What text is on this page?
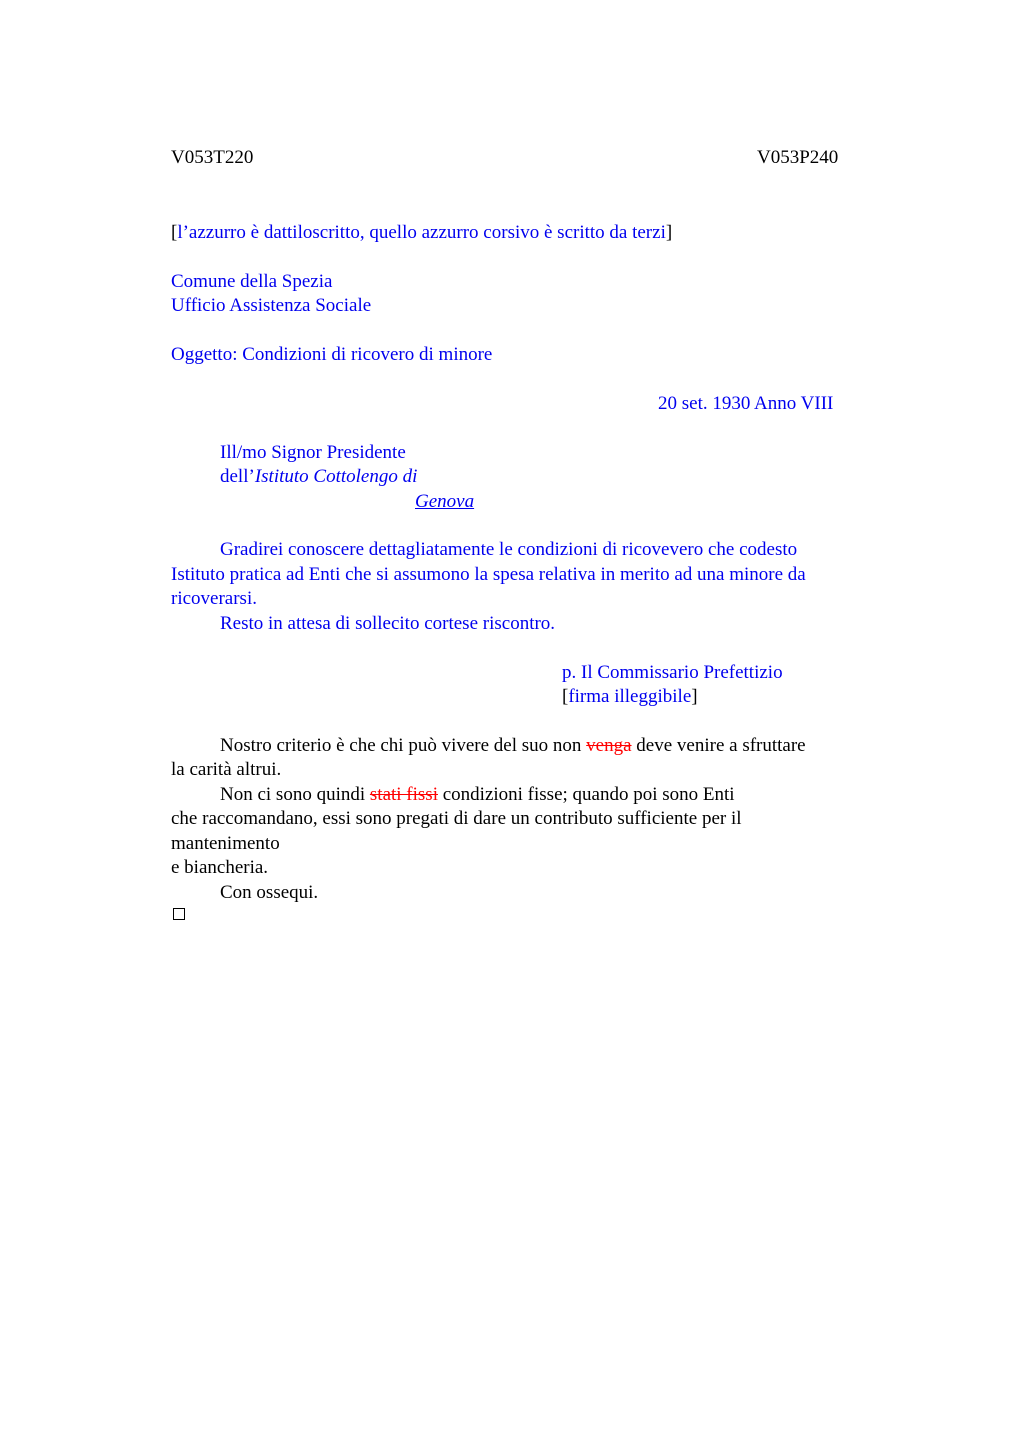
V053T220	V053P240
[l’azzurro è dattiloscritto, quello azzurro corsivo è scritto da terzi]
Comune della Spezia
Ufficio Assistenza Sociale
Oggetto: Condizioni di ricovero di minore
20 set. 1930 Anno VIII
Ill/mo Signor Presidente
dell’Istituto Cottolengo di
Genova
Gradirei conoscere dettagliatamente le condizioni di ricovevero che codesto
Istituto pratica ad Enti che si assumono la spesa relativa in merito ad una minore da
ricoverarsi.
Resto in attesa di sollecito cortese riscontro.
p. Il Commissario Prefettizio
[firma illeggibile]
Nostro criterio è che chi può vivere del suo non venga deve venire a sfruttare
la carità altrui.
Non ci sono quindi stati fissi condizioni fisse; quando poi sono Enti
che raccomandano, essi sono pregati di dare un contributo sufficiente per il
mantenimento
e biancheria.
Con ossequi.
